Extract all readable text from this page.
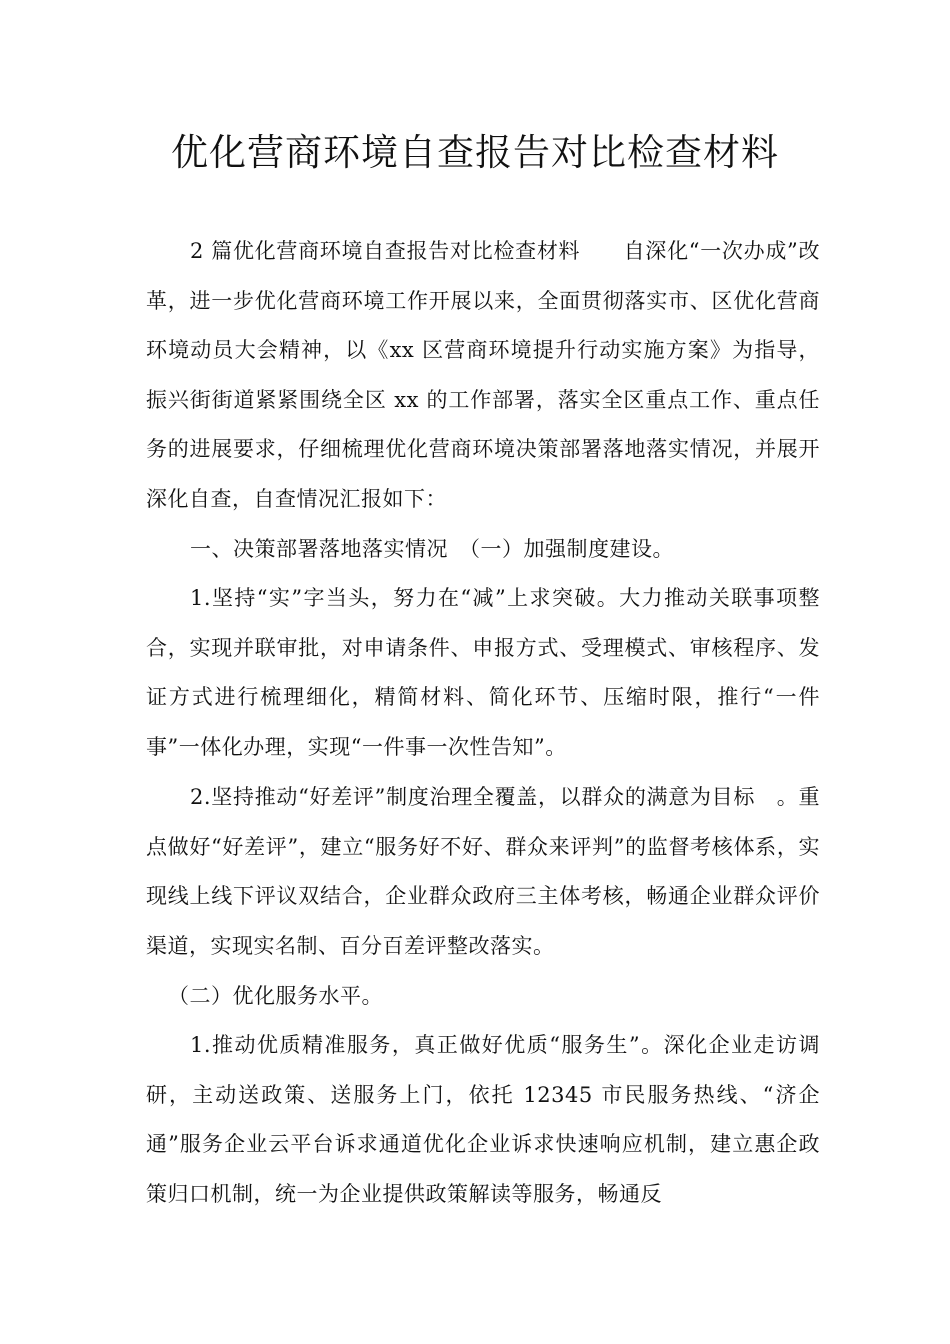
优化营商环境自查报告对比检查材料

2 篇优化营商环境自查报告对比检查材料　　自深化“一次办成”改革，进一步优化营商环境工作开展以来，全面贯彻落实市、区优化营商环境动员大会精神，以《xx 区营商环境提升行动实施方案》为指导，振兴街街道紧紧围绕全区 xx 的工作部署，落实全区重点工作、重点任务的进展要求，仔细梳理优化营商环境决策部署落地落实情况，并展开深化自查，自查情况汇报如下：

一、决策部署落地落实情况　（一）加强制度建设。

1.坚持“实”字当头，努力在“减”上求突破。大力推动关联事项整合，实现并联审批，对申请条件、申报方式、受理模式、审核程序、发证方式进行梳理细化，精简材料、简化环节、压缩时限，推行“一件事”一体化办理，实现“一件事一次性告知”。

2.坚持推动“好差评”制度治理全覆盖，以群众的满意为目标　。重点做好“好差评”，建立“服务好不好、群众来评判”的监督考核体系，实现线上线下评议双结合，企业群众政府三主体考核，畅通企业群众评价渠道，实现实名制、百分百差评整改落实。

（二）优化服务水平。

1.推动优质精准服务，真正做好优质“服务生”。深化企业走访调研，主动送政策、送服务上门，依托 12345 市民服务热线、“济企通”服务企业云平台诉求通道优化企业诉求快速响应机制，建立惠企政策归口机制，统一为企业提供政策解读等服务，畅通反
